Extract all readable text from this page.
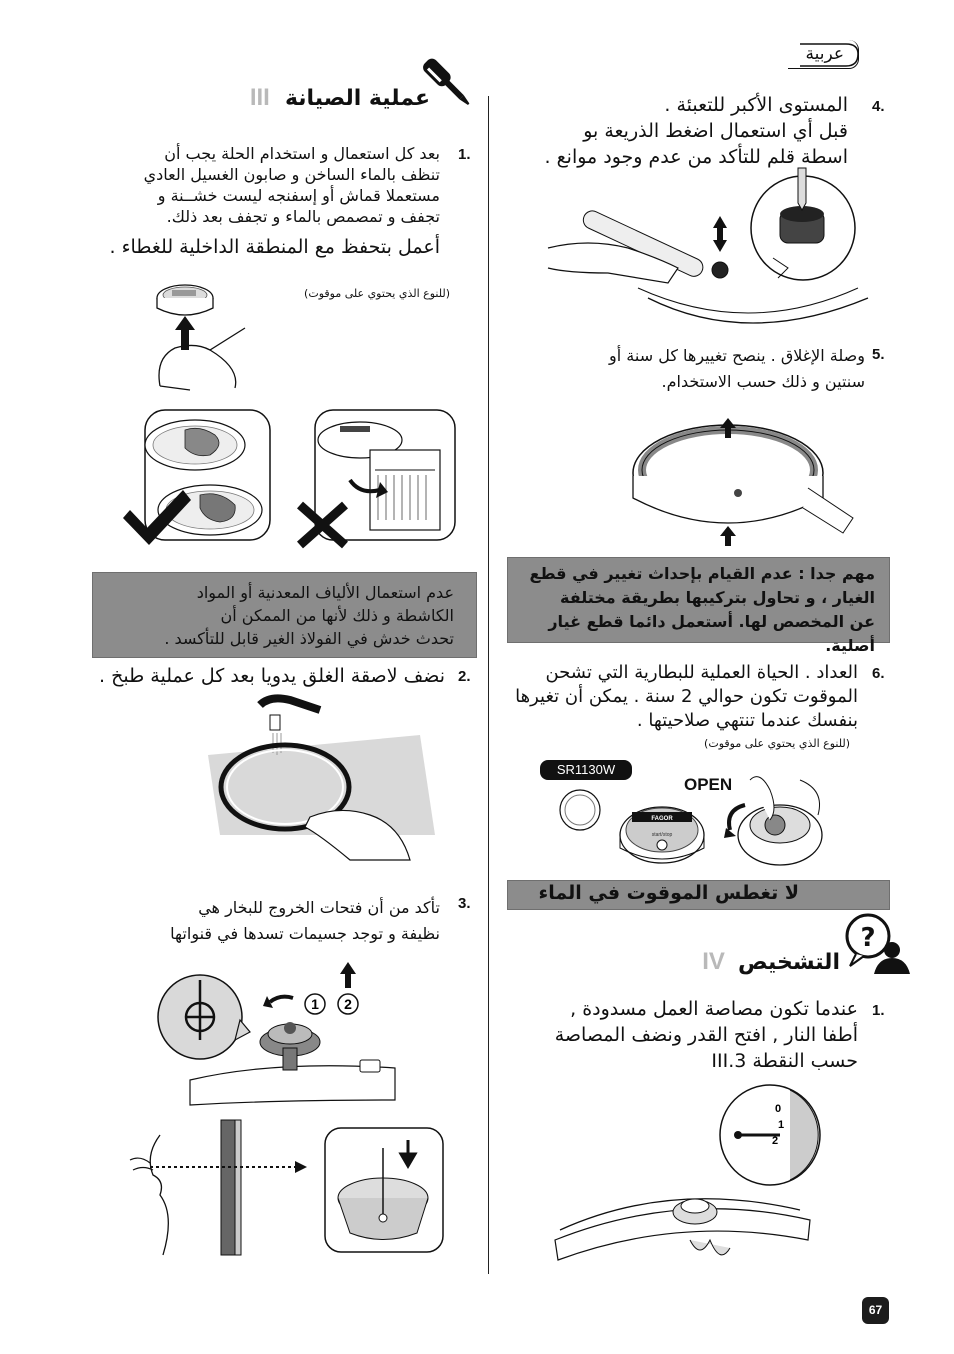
عربية
عملية الصيانة III
1.
بعد كل استعمال و استخدام الحلة يجب أن
تنظف بالماء الساخن و صابون الغسيل العادي
مستعملا قماش أو إسفنجه ليست خشــنة و
تجفف و تمصمص بالماء و تجفف بعد ذلك.
أعمل بتحفظ مع المنطقة الداخلية للغطاء .
(للنوع الذي يحتوي على موقوت)
عدم استعمال الألياف المعدنية أو المواد
الكاشطة و ذلك لأنها من الممكن أن
تحدث خدش في الفولاذ الغير قابل للتأكسد .
2.
نضف لاصقة الغلق يدويا بعد كل عملية طبخ .
3.
تأكد من أن فتحات الخروج للبخار هي
نظيفة و توجد جسيمات تسدها في قنواتها
1 2
4.
المستوى الأكبر للتعبئة .
قبل أي استعمال اضغط الذريعة بو
اسطة قلم للتأكد من عدم وجود موانع .
5.
وصلة الإغلاق . ينصح تغييرها كل سنة أو
سنتين و ذلك حسب الاستخدام.
مهم جدا : عدم القيام بإحداث تغيير في قطع
الغيار ، و تحاول بتركيبها بطريقة مختلفة
عن المخصص لها. أستعمل دائما قطع غيار أصلية.
6.
العداد . الحياة العملية للبطارية التي تشحن
الموقوت تكون حوالي 2 سنة . يمكن أن تغيرها
بنفسك عندما تنتهي صلاحيتها .
(للنوع الذي يحتوي على موقوت)
SR1130W
OPEN
FAGOR
start/stop
لا تغطس الموقوت في الماء
التشخيص IV
?
1.
عندما تكون مصاصة العمل مسدودة ,
أطفا النار , افتح القدر ونضف المصاصة
حسب النقطة III.3
0
1
2
67
